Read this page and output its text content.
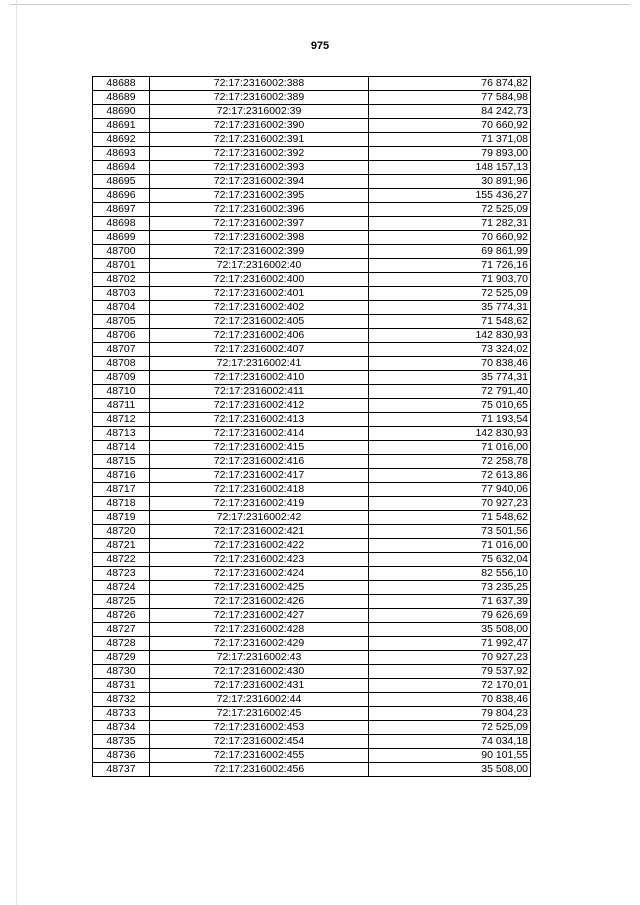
975
48688	72:17:2316002:388	76 874,82
48689	72:17:2316002:389	77 584,98
48690	72:17:2316002:39	84 242,73
48691	72:17:2316002:390	70 660,92
48692	72:17:2316002:391	71 371,08
48693	72:17:2316002:392	79 893,00
48694	72:17:2316002:393	148 157,13
48695	72:17:2316002:394	30 891,96
48696	72:17:2316002:395	155 436,27
48697	72:17:2316002:396	72 525,09
48698	72:17:2316002:397	71 282,31
48699	72:17:2316002:398	70 660,92
48700	72:17:2316002:399	69 861,99
48701	72:17:2316002:40	71 726,16
48702	72:17:2316002:400	71 903,70
48703	72:17:2316002:401	72 525,09
48704	72:17:2316002:402	35 774,31
48705	72:17:2316002:405	71 548,62
48706	72:17:2316002:406	142 830,93
48707	72:17:2316002:407	73 324,02
48708	72:17:2316002:41	70 838,46
48709	72:17:2316002:410	35 774,31
48710	72:17:2316002:411	72 791,40
48711	72:17:2316002:412	75 010,65
48712	72:17:2316002:413	71 193,54
48713	72:17:2316002:414	142 830,93
48714	72:17:2316002:415	71 016,00
48715	72:17:2316002:416	72 258,78
48716	72:17:2316002:417	72 613,86
48717	72:17:2316002:418	77 940,06
48718	72:17:2316002:419	70 927,23
48719	72:17:2316002:42	71 548,62
48720	72:17:2316002:421	73 501,56
48721	72:17:2316002:422	71 016,00
48722	72:17:2316002:423	75 632,04
48723	72:17:2316002:424	82 556,10
48724	72:17:2316002:425	73 235,25
48725	72:17:2316002:426	71 637,39
48726	72:17:2316002:427	79 626,69
48727	72:17:2316002:428	35 508,00
48728	72:17:2316002:429	71 992,47
48729	72:17:2316002:43	70 927,23
48730	72:17:2316002:430	79 537,92
48731	72:17:2316002:431	72 170,01
48732	72:17:2316002:44	70 838,46
48733	72:17:2316002:45	79 804,23
48734	72:17:2316002:453	72 525,09
48735	72:17:2316002:454	74 034,18
48736	72:17:2316002:455	90 101,55
48737	72:17:2316002:456	35 508,00
